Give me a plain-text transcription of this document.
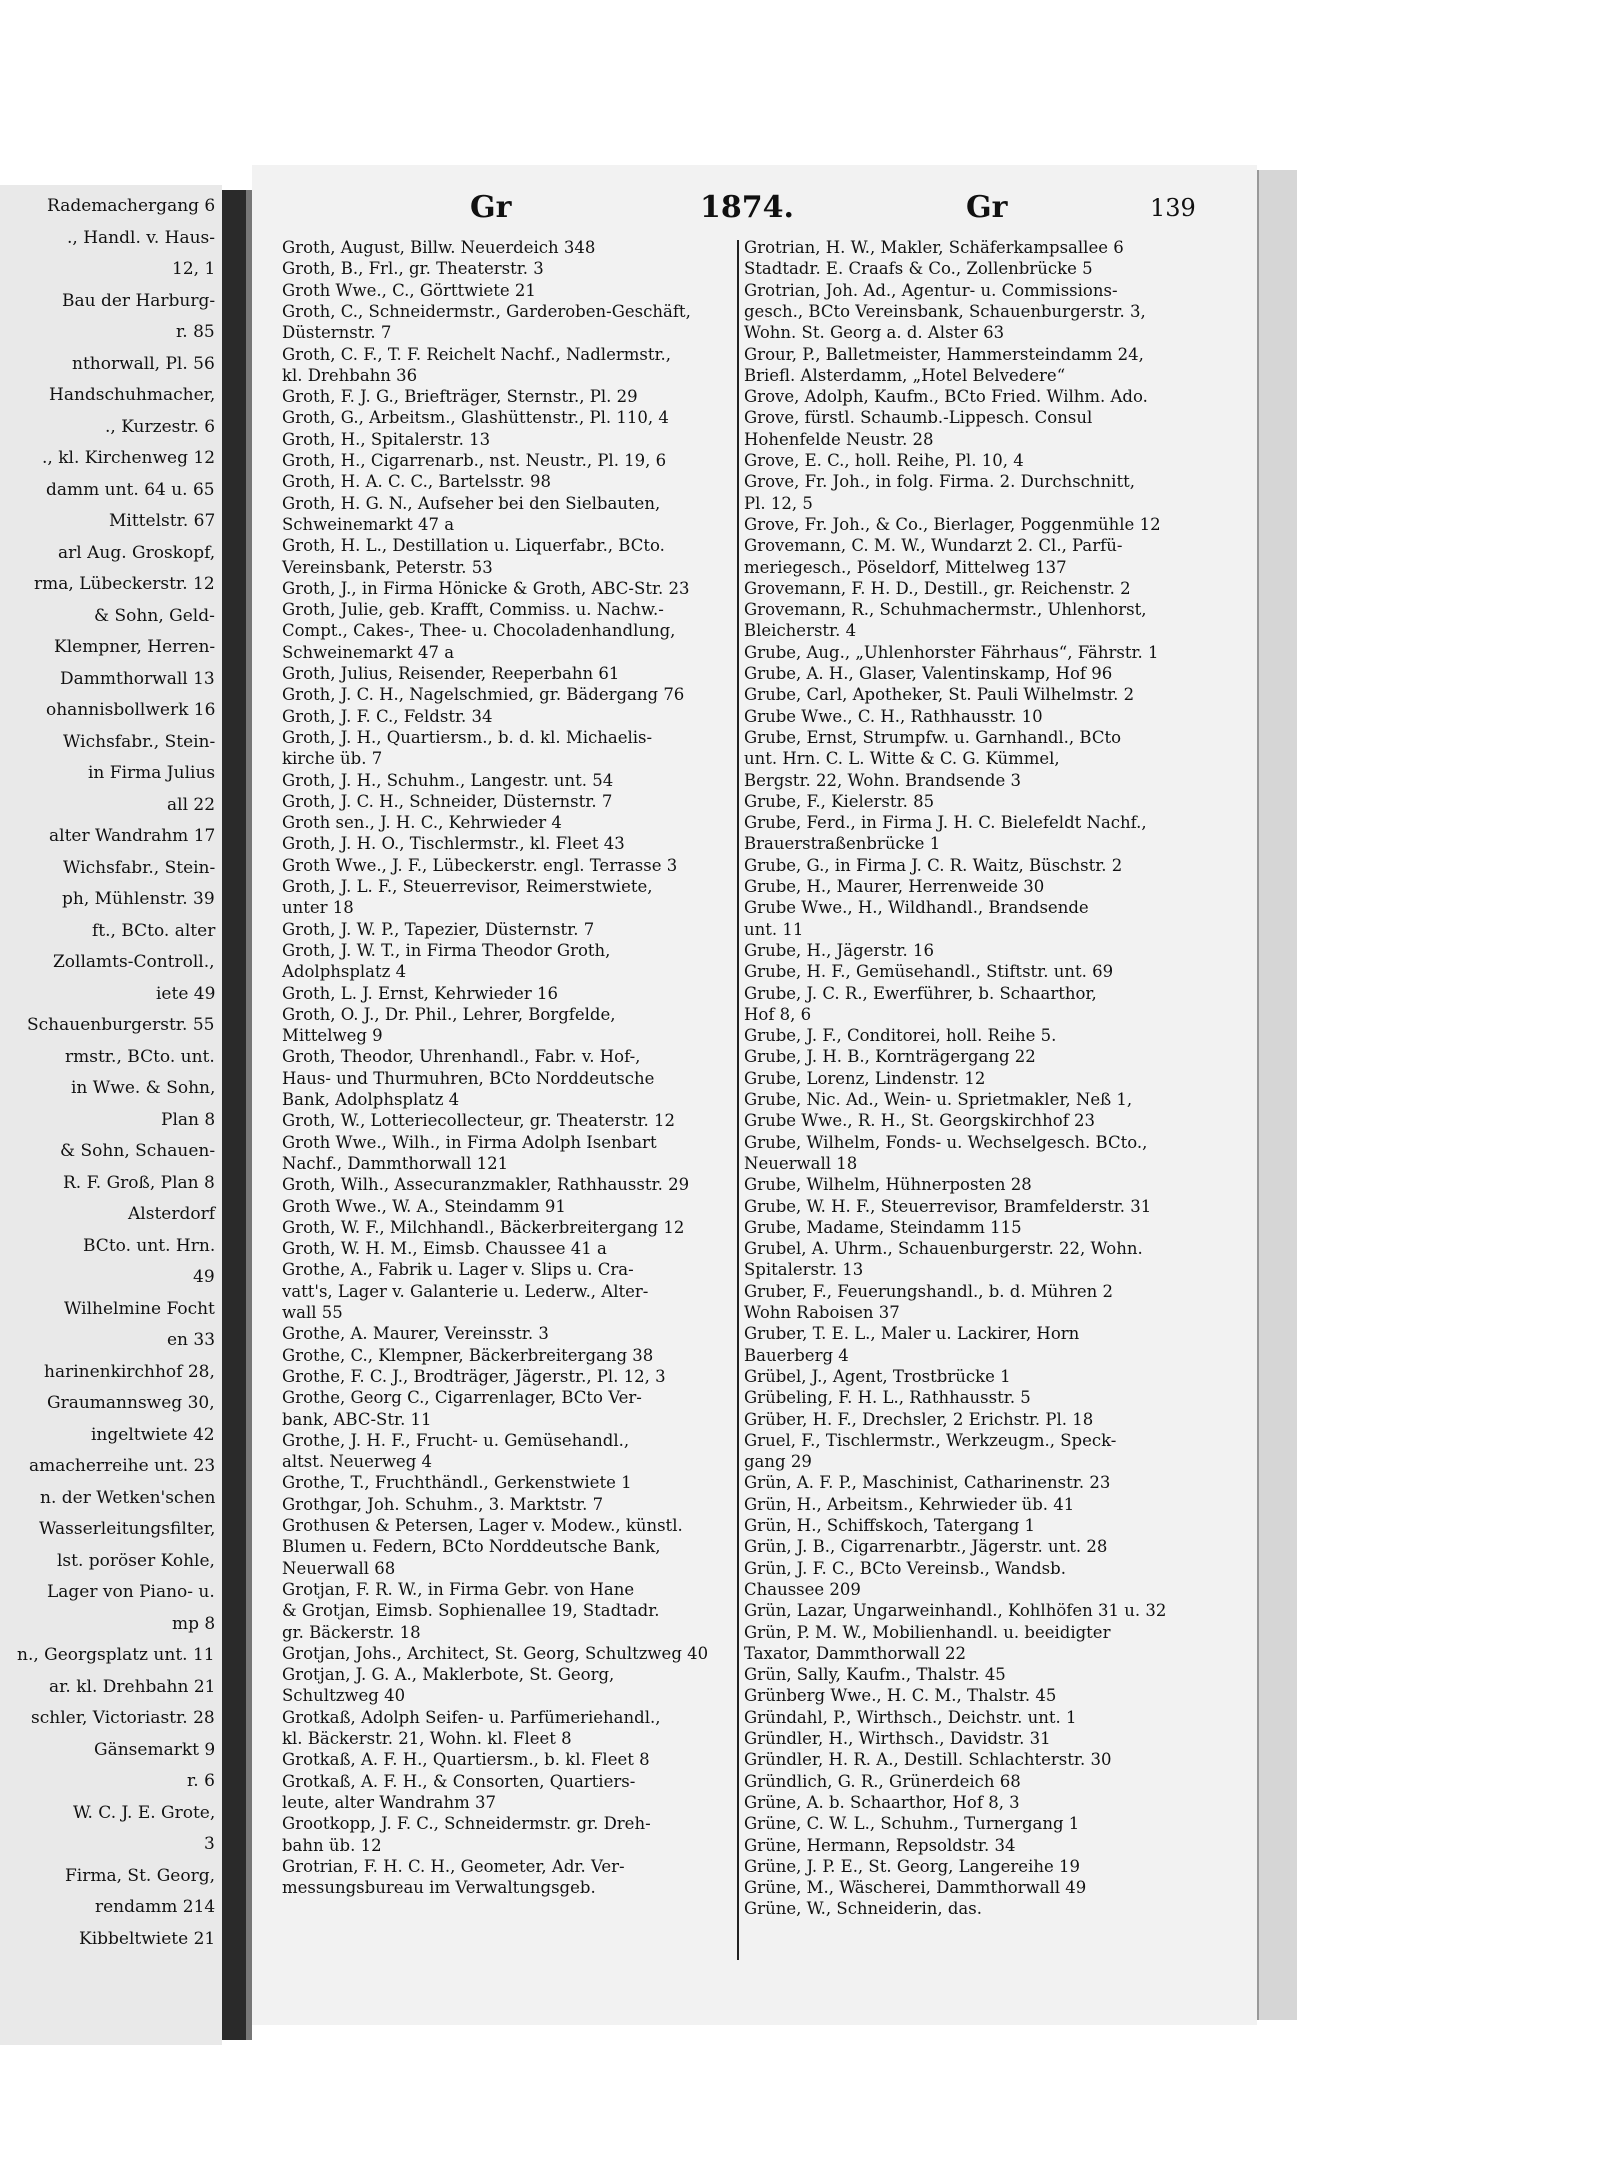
Rademachergang 6
., Handl. v. Haus-
12, 1
Bau der Harburg-
r. 85
nthorwall, Pl. 56
Handschuhmacher,
., Kurzestr. 6
., kl. Kirchenweg 12
damm unt. 64 u. 65
Mittelstr. 67
arl Aug. Groskopf,
rma, Lübeckerstr. 12
& Sohn, Geld-
Klempner, Herren-
Dammthorwall 13
ohannisbollwerk 16
Wichsfabr., Stein-
in Firma Julius
all 22
alter Wandrahm 17
Wichsfabr., Stein-
ph, Mühlenstr. 39
ft., BCto. alter
Zollamts-Controll.,
iete 49
Schauenburgerstr. 55
rmstr., BCto. unt.
in Wwe. & Sohn,
Plan 8
& Sohn, Schauen-
R. F. Groß, Plan 8
Alsterdorf
BCto. unt. Hrn.
49
Wilhelmine Focht
en 33
harinenkirchhof 28,
Graumannsweg 30,
ingeltwiete 42
amacherreihe unt. 23
n. der Wetken'schen
Wasserleitungsfilter,
lst. poröser Kohle,
Lager von Piano- u.
mp 8
n., Georgsplatz unt. 11
ar. kl. Drehbahn 21
schler, Victoriastr. 28
Gänsemarkt 9
r. 6
W. C. J. E. Grote,
3
Firma, St. Georg,
rendamm 214
Kibbeltwiete 21
Gr	1874.	Gr	139
Groth, August, Billw. Neuerdeich 348
Groth, B., Frl., gr. Theaterstr. 3
Groth Wwe., C., Görttwiete 21
Groth, C., Schneidermstr., Garderoben-Geschäft,
Düsternstr. 7
Groth, C. F., T. F. Reichelt Nachf., Nadlermstr.,
kl. Drehbahn 36
Groth, F. J. G., Briefträger, Sternstr., Pl. 29
Groth, G., Arbeitsm., Glashüttenstr., Pl. 110, 4
Groth, H., Spitalerstr. 13
Groth, H., Cigarrenarb., nst. Neustr., Pl. 19, 6
Groth, H. A. C. C., Bartelsstr. 98
Groth, H. G. N., Aufseher bei den Sielbauten,
Schweinemarkt 47 a
Groth, H. L., Destillation u. Liquerfabr., BCto.
Vereinsbank, Peterstr. 53
Groth, J., in Firma Hönicke & Groth, ABC-Str. 23
Groth, Julie, geb. Krafft, Commiss. u. Nachw.-
Compt., Cakes-, Thee- u. Chocoladenhandlung,
Schweinemarkt 47 a
Groth, Julius, Reisender, Reeperbahn 61
Groth, J. C. H., Nagelschmied, gr. Bädergang 76
Groth, J. F. C., Feldstr. 34
Groth, J. H., Quartiersm., b. d. kl. Michaelis-
kirche üb. 7
Groth, J. H., Schuhm., Langestr. unt. 54
Groth, J. C. H., Schneider, Düsternstr. 7
Groth sen., J. H. C., Kehrwieder 4
Groth, J. H. O., Tischlermstr., kl. Fleet 43
Groth Wwe., J. F., Lübeckerstr. engl. Terrasse 3
Groth, J. L. F., Steuerrevisor, Reimerstwiete,
unter 18
Groth, J. W. P., Tapezier, Düsternstr. 7
Groth, J. W. T., in Firma Theodor Groth,
Adolphsplatz 4
Groth, L. J. Ernst, Kehrwieder 16
Groth, O. J., Dr. Phil., Lehrer, Borgfelde,
Mittelweg 9
Groth, Theodor, Uhrenhandl., Fabr. v. Hof-,
Haus- und Thurmuhren, BCto Norddeutsche
Bank, Adolphsplatz 4
Groth, W., Lotteriecollecteur, gr. Theaterstr. 12
Groth Wwe., Wilh., in Firma Adolph Isenbart
Nachf., Dammthorwall 121
Groth, Wilh., Assecuranzmakler, Rathhausstr. 29
Groth Wwe., W. A., Steindamm 91
Groth, W. F., Milchhandl., Bäckerbreitergang 12
Groth, W. H. M., Eimsb. Chaussee 41 a
Grothe, A., Fabrik u. Lager v. Slips u. Cra-
vatt's, Lager v. Galanterie u. Lederw., Alter-
wall 55
Grothe, A. Maurer, Vereinsstr. 3
Grothe, C., Klempner, Bäckerbreitergang 38
Grothe, F. C. J., Brodträger, Jägerstr., Pl. 12, 3
Grothe, Georg C., Cigarrenlager, BCto Ver-
bank, ABC-Str. 11
Grothe, J. H. F., Frucht- u. Gemüsehandl.,
altst. Neuerweg 4
Grothe, T., Fruchthändl., Gerkenstwiete 1
Grothgar, Joh. Schuhm., 3. Marktstr. 7
Grothusen & Petersen, Lager v. Modew., künstl.
Blumen u. Federn, BCto Norddeutsche Bank,
Neuerwall 68
Grotjan, F. R. W., in Firma Gebr. von Hane
& Grotjan, Eimsb. Sophienallee 19, Stadtadr.
gr. Bäckerstr. 18
Grotjan, Johs., Architect, St. Georg, Schultzweg 40
Grotjan, J. G. A., Maklerbote, St. Georg,
Schultzweg 40
Grotkaß, Adolph Seifen- u. Parfümeriehandl.,
kl. Bäckerstr. 21, Wohn. kl. Fleet 8
Grotkaß, A. F. H., Quartiersm., b. kl. Fleet 8
Grotkaß, A. F. H., & Consorten, Quartiers-
leute, alter Wandrahm 37
Grootkopp, J. F. C., Schneidermstr. gr. Dreh-
bahn üb. 12
Grotrian, F. H. C. H., Geometer, Adr. Ver-
messungsbureau im Verwaltungsgeb.
Grotrian, H. W., Makler, Schäferkampsallee 6
Stadtadr. E. Craafs & Co., Zollenbrücke 5
Grotrian, Joh. Ad., Agentur- u. Commissions-
gesch., BCto Vereinsbank, Schauenburgerstr. 3,
Wohn. St. Georg a. d. Alster 63
Grour, P., Balletmeister, Hammersteindamm 24,
Briefl. Alsterdamm, „Hotel Belvedere“
Grove, Adolph, Kaufm., BCto Fried. Wilhm. Ado.
Grove, fürstl. Schaumb.-Lippesch. Consul
Hohenfelde Neustr. 28
Grove, E. C., holl. Reihe, Pl. 10, 4
Grove, Fr. Joh., in folg. Firma. 2. Durchschnitt,
Pl. 12, 5
Grove, Fr. Joh., & Co., Bierlager, Poggenmühle 12
Grovemann, C. M. W., Wundarzt 2. Cl., Parfü-
meriegesch., Pöseldorf, Mittelweg 137
Grovemann, F. H. D., Destill., gr. Reichenstr. 2
Grovemann, R., Schuhmachermstr., Uhlenhorst,
Bleicherstr. 4
Grube, Aug., „Uhlenhorster Fährhaus“, Fährstr. 1
Grube, A. H., Glaser, Valentinskamp, Hof 96
Grube, Carl, Apotheker, St. Pauli Wilhelmstr. 2
Grube Wwe., C. H., Rathhausstr. 10
Grube, Ernst, Strumpfw. u. Garnhandl., BCto
unt. Hrn. C. L. Witte & C. G. Kümmel,
Bergstr. 22, Wohn. Brandsende 3
Grube, F., Kielerstr. 85
Grube, Ferd., in Firma J. H. C. Bielefeldt Nachf.,
Brauerstraßenbrücke 1
Grube, G., in Firma J. C. R. Waitz, Büschstr. 2
Grube, H., Maurer, Herrenweide 30
Grube Wwe., H., Wildhandl., Brandsende
unt. 11
Grube, H., Jägerstr. 16
Grube, H. F., Gemüsehandl., Stiftstr. unt. 69
Grube, J. C. R., Ewerführer, b. Schaarthor,
Hof 8, 6
Grube, J. F., Conditorei, holl. Reihe 5.
Grube, J. H. B., Kornträgergang 22
Grube, Lorenz, Lindenstr. 12
Grube, Nic. Ad., Wein- u. Sprietmakler, Neß 1,
Grube Wwe., R. H., St. Georgskirchhof 23
Grube, Wilhelm, Fonds- u. Wechselgesch. BCto.,
Neuerwall 18
Grube, Wilhelm, Hühnerposten 28
Grube, W. H. F., Steuerrevisor, Bramfelderstr. 31
Grube, Madame, Steindamm 115
Grubel, A. Uhrm., Schauenburgerstr. 22, Wohn.
Spitalerstr. 13
Gruber, F., Feuerungshandl., b. d. Mühren 2
Wohn Raboisen 37
Gruber, T. E. L., Maler u. Lackirer, Horn
Bauerberg 4
Grübel, J., Agent, Trostbrücke 1
Grübeling, F. H. L., Rathhausstr. 5
Grüber, H. F., Drechsler, 2 Erichstr. Pl. 18
Gruel, F., Tischlermstr., Werkzeugm., Speck-
gang 29
Grün, A. F. P., Maschinist, Catharinenstr. 23
Grün, H., Arbeitsm., Kehrwieder üb. 41
Grün, H., Schiffskoch, Tatergang 1
Grün, J. B., Cigarrenarbtr., Jägerstr. unt. 28
Grün, J. F. C., BCto Vereinsb., Wandsb.
Chaussee 209
Grün, Lazar, Ungarweinhandl., Kohlhöfen 31 u. 32
Grün, P. M. W., Mobilienhandl. u. beeidigter
Taxator, Dammthorwall 22
Grün, Sally, Kaufm., Thalstr. 45
Grünberg Wwe., H. C. M., Thalstr. 45
Gründahl, P., Wirthsch., Deichstr. unt. 1
Gründler, H., Wirthsch., Davidstr. 31
Gründler, H. R. A., Destill. Schlachterstr. 30
Gründlich, G. R., Grünerdeich 68
Grüne, A. b. Schaarthor, Hof 8, 3
Grüne, C. W. L., Schuhm., Turnergang 1
Grüne, Hermann, Repsoldstr. 34
Grüne, J. P. E., St. Georg, Langereihe 19
Grüne, M., Wäscherei, Dammthorwall 49
Grüne, W., Schneiderin, das.
